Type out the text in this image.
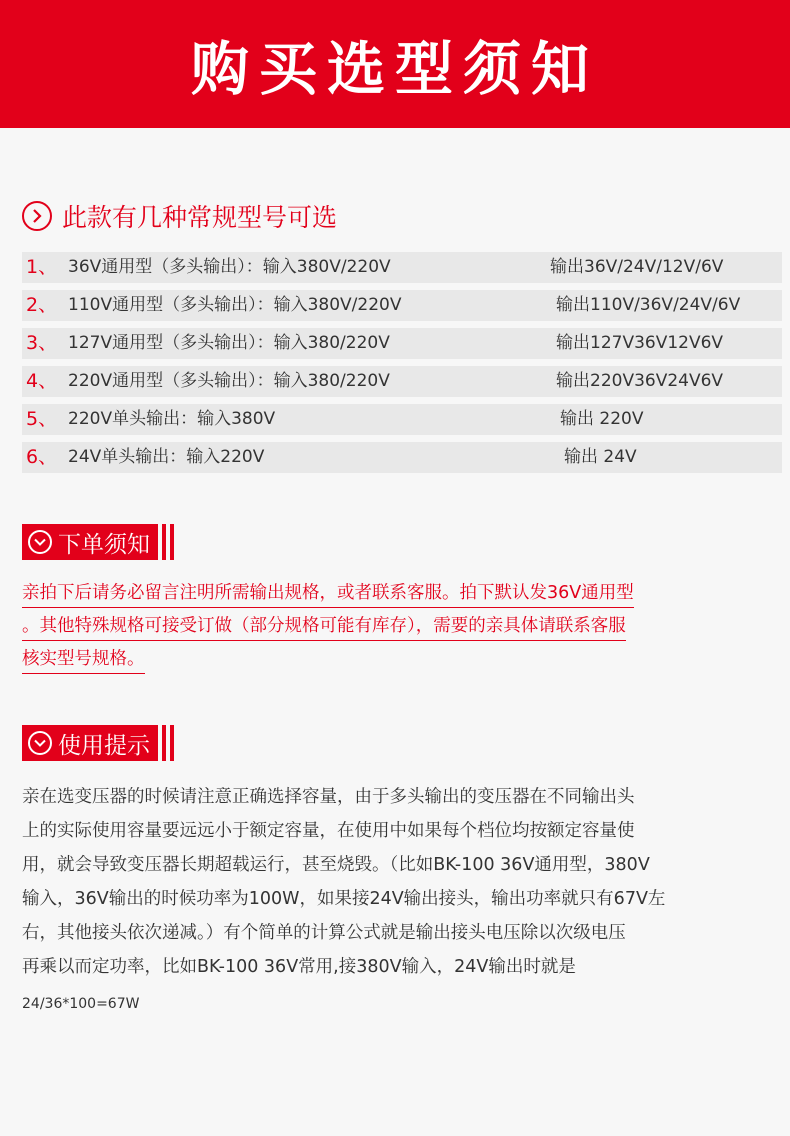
购买选型须知
此款有几种常规型号可选
1、 36V通用型（多头输出）：输入380V/220V	输出36V/24V/12V/6V
2、 110V通用型（多头输出）：输入380V/220V	输出110V/36V/24V/6V
3、 127V通用型（多头输出）：输入380/220V	输出127V36V12V6V
4、 220V通用型（多头输出）：输入380/220V	输出220V36V24V6V
5、 220V单头输出：输入380V	输出 220V
6、 24V单头输出：输入220V	输出 24V
下单须知
亲拍下后请务必留言注明所需输出规格，或者联系客服。拍下默认发36V通用型
。其他特殊规格可接受订做（部分规格可能有库存），需要的亲具体请联系客服
核实型号规格。
使用提示
亲在选变压器的时候请注意正确选择容量，由于多头输出的变压器在不同输出头
上的实际使用容量要远远小于额定容量，在使用中如果每个档位均按额定容量使
用，就会导致变压器长期超载运行，甚至烧毁。（比如BK-100 36V通用型，380V
输入，36V输出的时候功率为100W，如果接24V输出接头，输出功率就只有67V左
右，其他接头依次递减。）有个简单的计算公式就是输出接头电压除以次级电压
再乘以而定功率，比如BK-100 36V常用,接380V输入，24V输出时就是
24/36*100=67W
